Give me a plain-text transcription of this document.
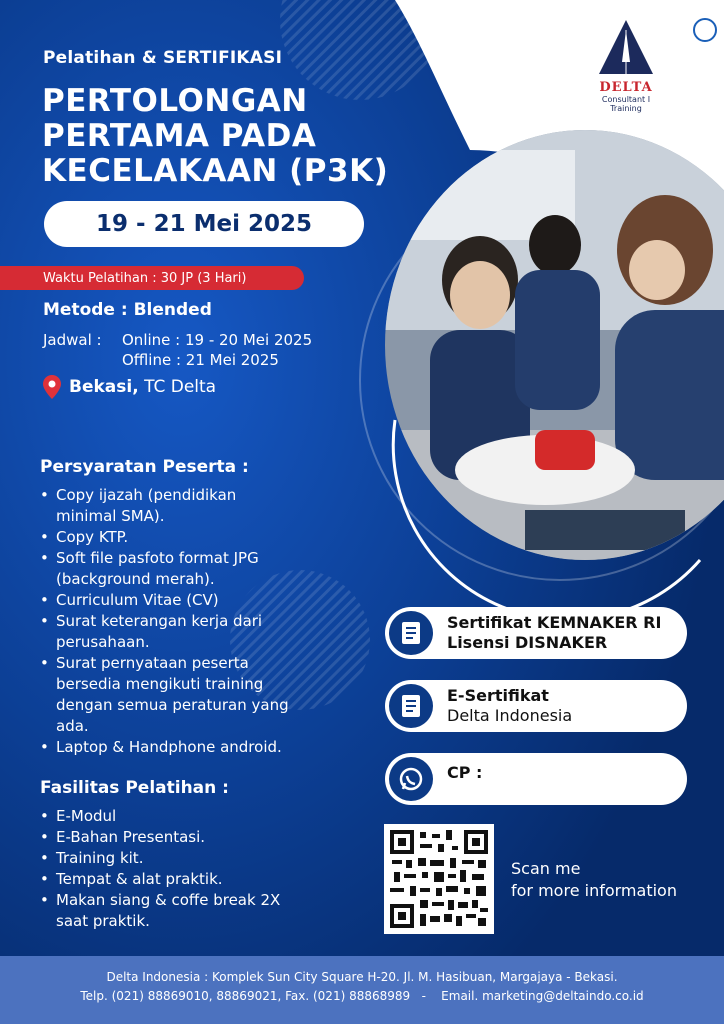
DELTA
Consultant I Training
Pelatihan & SERTIFIKASI
PERTOLONGAN
PERTAMA PADA
KECELAKAAN (P3K)
19 - 21 Mei 2025
Waktu Pelatihan : 30 JP (3 Hari)
Metode : Blended
Jadwal :	Online : 19 - 20 Mei 2025
Offline : 21 Mei 2025
Bekasi, TC Delta
Persyaratan Peserta :
• Copy ijazah (pendidikan minimal SMA).
• Copy KTP.
• Soft file pasfoto format JPG (background merah).
• Curriculum Vitae (CV)
• Surat keterangan kerja dari perusahaan.
• Surat pernyataan peserta bersedia mengikuti training dengan semua peraturan yang ada.
• Laptop & Handphone android.
Fasilitas Pelatihan :
• E-Modul
• E-Bahan Presentasi.
• Training kit.
• Tempat & alat praktik.
• Makan siang & coffe break 2X saat praktik.
Sertifikat KEMNAKER RI
Lisensi DISNAKER
E-Sertifikat
Delta Indonesia
CP :
Scan me
for more information
Delta Indonesia : Komplek Sun City Square H-20. Jl. M. Hasibuan, Margajaya - Bekasi.
Telp. (021) 88869010, 88869021, Fax. (021) 88868989   -    Email. marketing@deltaindo.co.id
